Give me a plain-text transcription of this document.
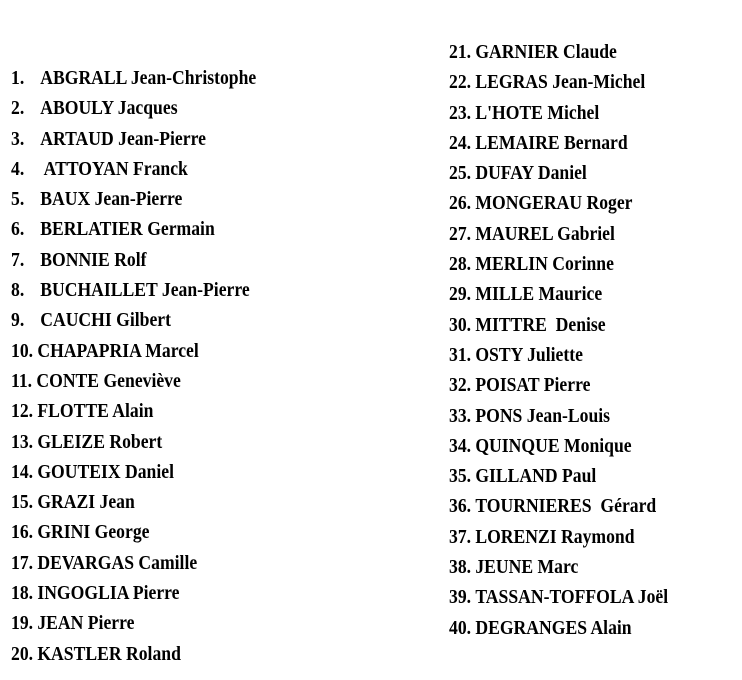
1. ABGRALL Jean-Christophe
2. ABOULY Jacques
3. ARTAUD Jean-Pierre
4. ATTOYAN Franck
5. BAUX Jean-Pierre
6. BERLATIER Germain
7. BONNIE Rolf
8. BUCHAILLET Jean-Pierre
9. CAUCHI Gilbert
10. CHAPAPRIA Marcel
11. CONTE Geneviève
12. FLOTTE Alain
13. GLEIZE Robert
14. GOUTEIX Daniel
15. GRAZI Jean
16. GRINI George
17. DEVARGAS Camille
18. INGOGLIA Pierre
19. JEAN Pierre
20. KASTLER Roland
21. GARNIER Claude
22. LEGRAS Jean-Michel
23. L'HOTE Michel
24. LEMAIRE Bernard
25. DUFAY Daniel
26. MONGERAU Roger
27. MAUREL Gabriel
28. MERLIN Corinne
29. MILLE Maurice
30. MITTRE  Denise
31. OSTY Juliette
32. POISAT Pierre
33. PONS Jean-Louis
34. QUINQUE Monique
35. GILLAND Paul
36. TOURNIERES  Gérard
37. LORENZI Raymond
38. JEUNE Marc
39. TASSAN-TOFFOLA Joël
40. DEGRANGES Alain
